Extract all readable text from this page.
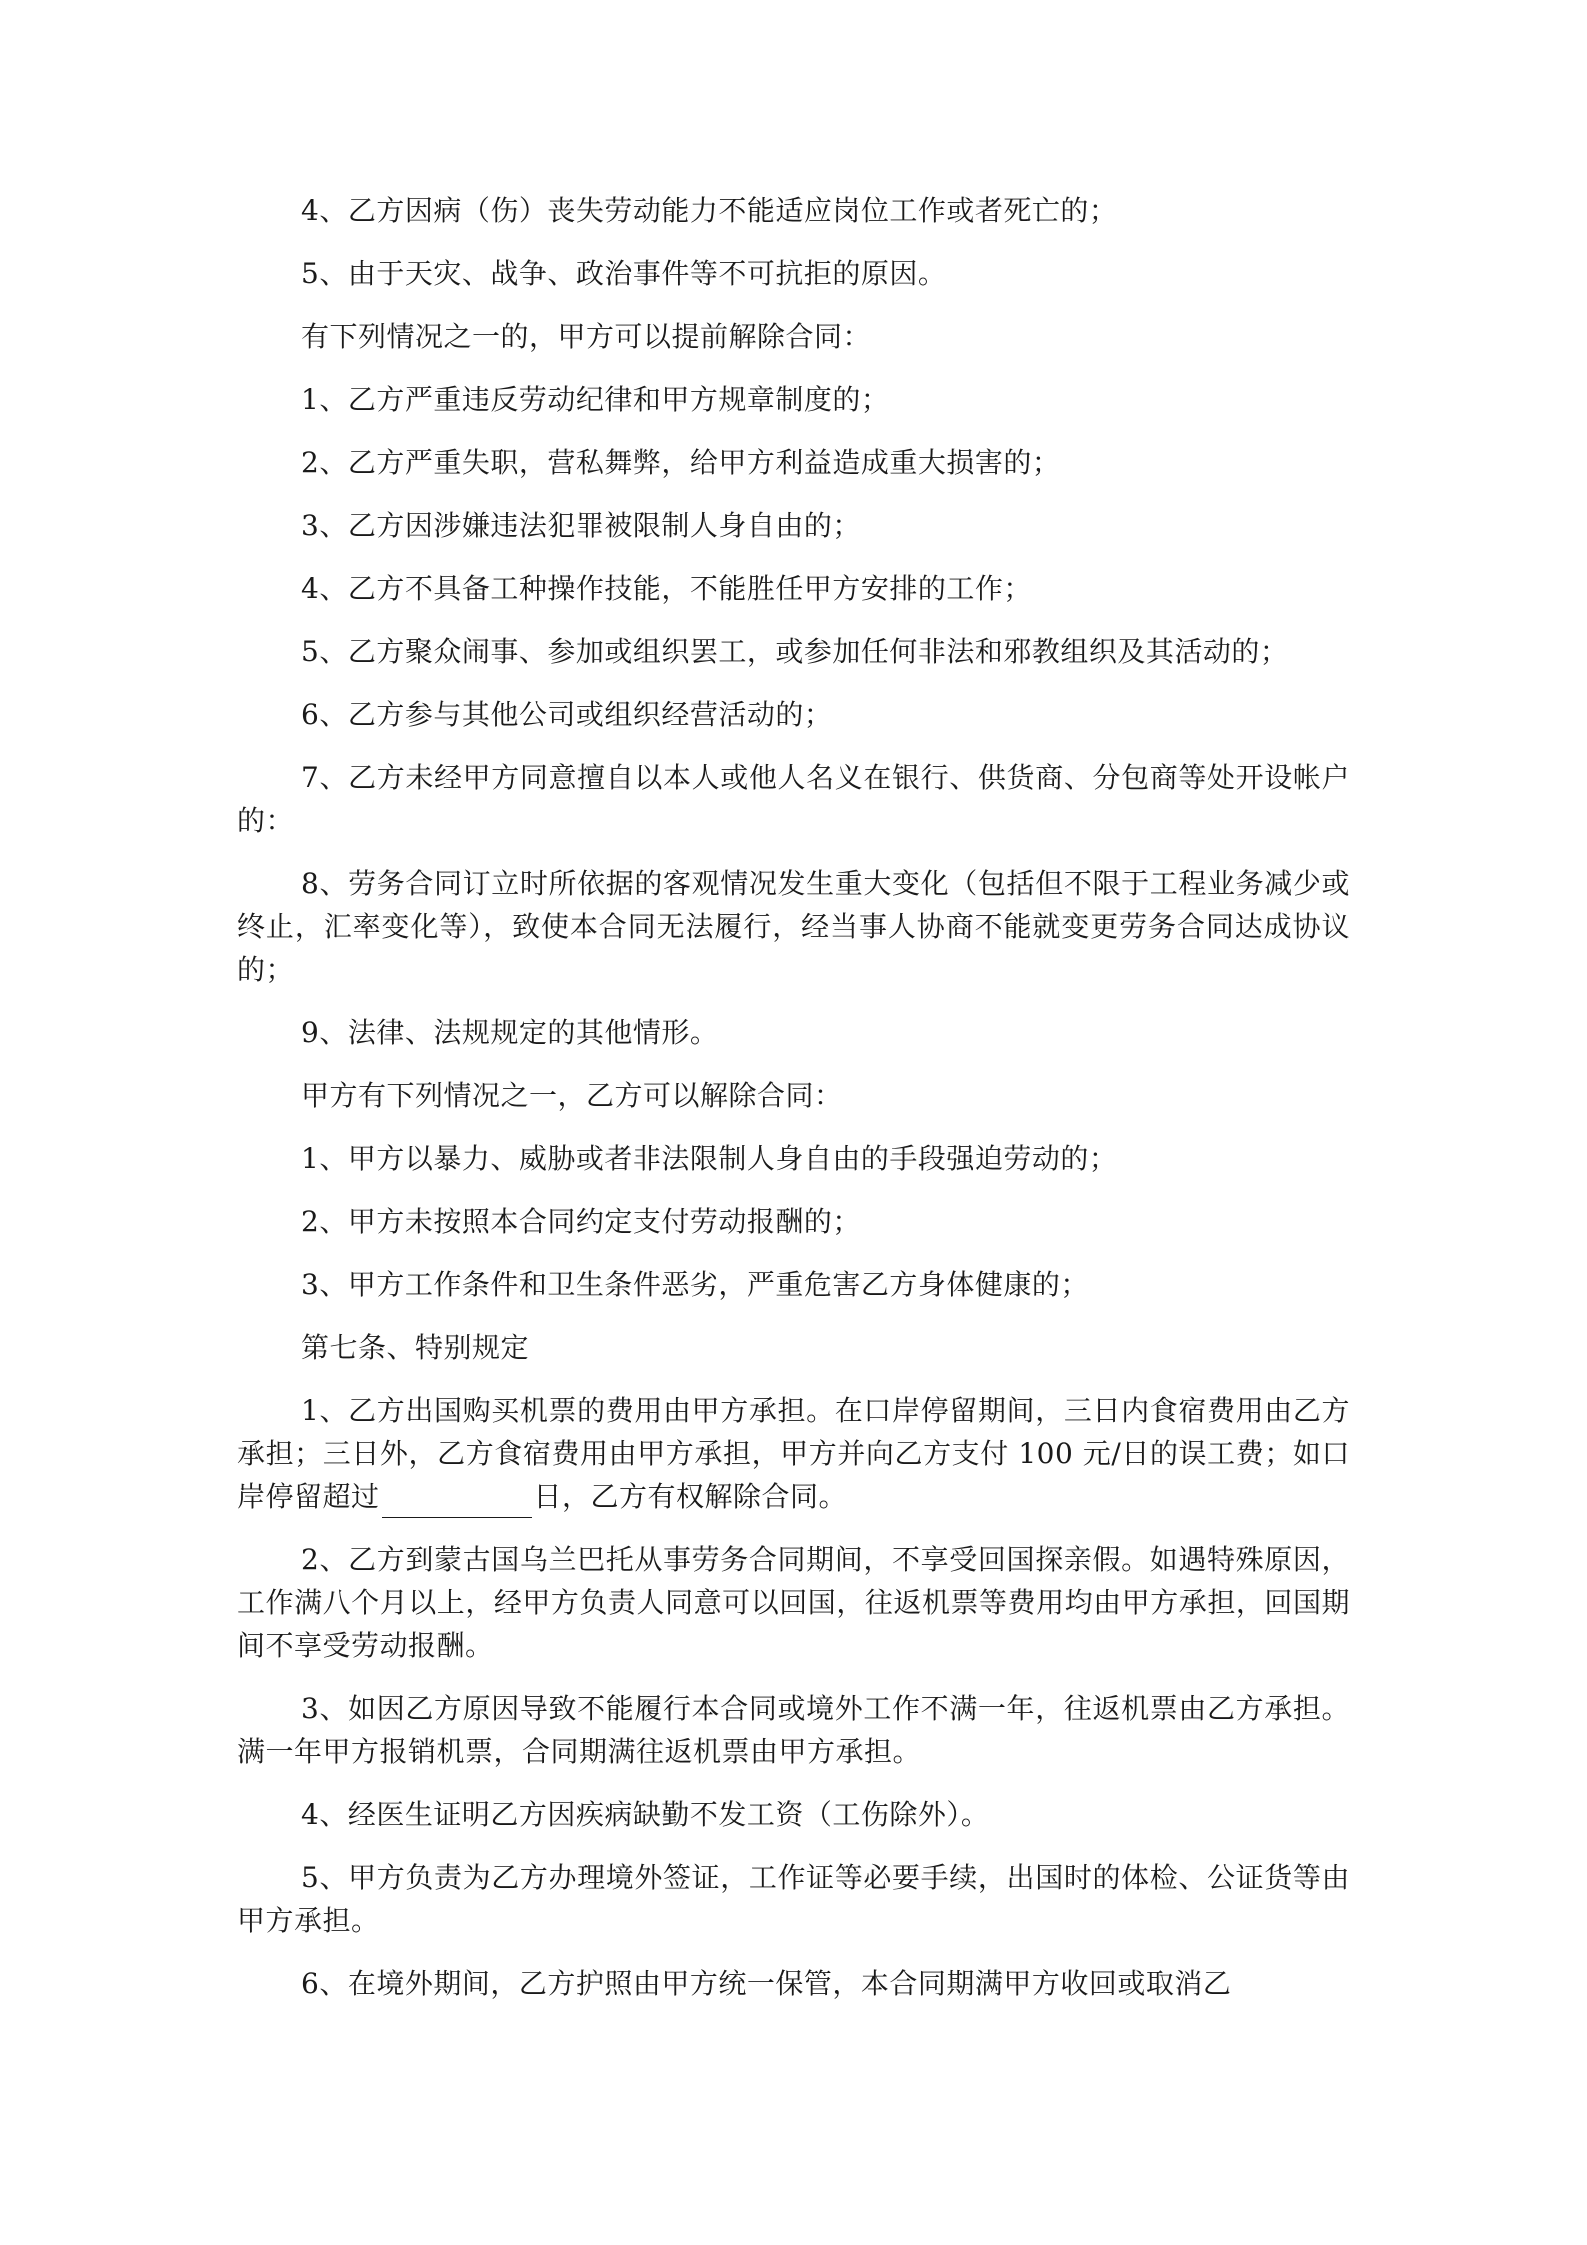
4、乙方因病（伤）丧失劳动能力不能适应岗位工作或者死亡的；

5、由于天灾、战争、政治事件等不可抗拒的原因。

有下列情况之一的，甲方可以提前解除合同：

1、乙方严重违反劳动纪律和甲方规章制度的；

2、乙方严重失职，营私舞弊，给甲方利益造成重大损害的；

3、乙方因涉嫌违法犯罪被限制人身自由的；

4、乙方不具备工种操作技能，不能胜任甲方安排的工作；

5、乙方聚众闹事、参加或组织罢工，或参加任何非法和邪教组织及其活动的；

6、乙方参与其他公司或组织经营活动的；

7、乙方未经甲方同意擅自以本人或他人名义在银行、供货商、分包商等处开设帐户的：

8、劳务合同订立时所依据的客观情况发生重大变化（包括但不限于工程业务减少或终止，汇率变化等），致使本合同无法履行，经当事人协商不能就变更劳务合同达成协议的；

9、法律、法规规定的其他情形。

甲方有下列情况之一，乙方可以解除合同：

1、甲方以暴力、威胁或者非法限制人身自由的手段强迫劳动的；

2、甲方未按照本合同约定支付劳动报酬的；

3、甲方工作条件和卫生条件恶劣，严重危害乙方身体健康的；

第七条、特别规定

1、乙方出国购买机票的费用由甲方承担。在口岸停留期间，三日内食宿费用由乙方承担；三日外，乙方食宿费用由甲方承担，甲方并向乙方支付 100 元/日的误工费；如口岸停留超过	日，乙方有权解除合同。

2、乙方到蒙古国乌兰巴托从事劳务合同期间，不享受回国探亲假。如遇特殊原因，工作满八个月以上，经甲方负责人同意可以回国，往返机票等费用均由甲方承担，回国期间不享受劳动报酬。

3、如因乙方原因导致不能履行本合同或境外工作不满一年，往返机票由乙方承担。满一年甲方报销机票，合同期满往返机票由甲方承担。

4、经医生证明乙方因疾病缺勤不发工资（工伤除外）。

5、甲方负责为乙方办理境外签证，工作证等必要手续，出国时的体检、公证货等由甲方承担。

6、在境外期间，乙方护照由甲方统一保管，本合同期满甲方收回或取消乙
